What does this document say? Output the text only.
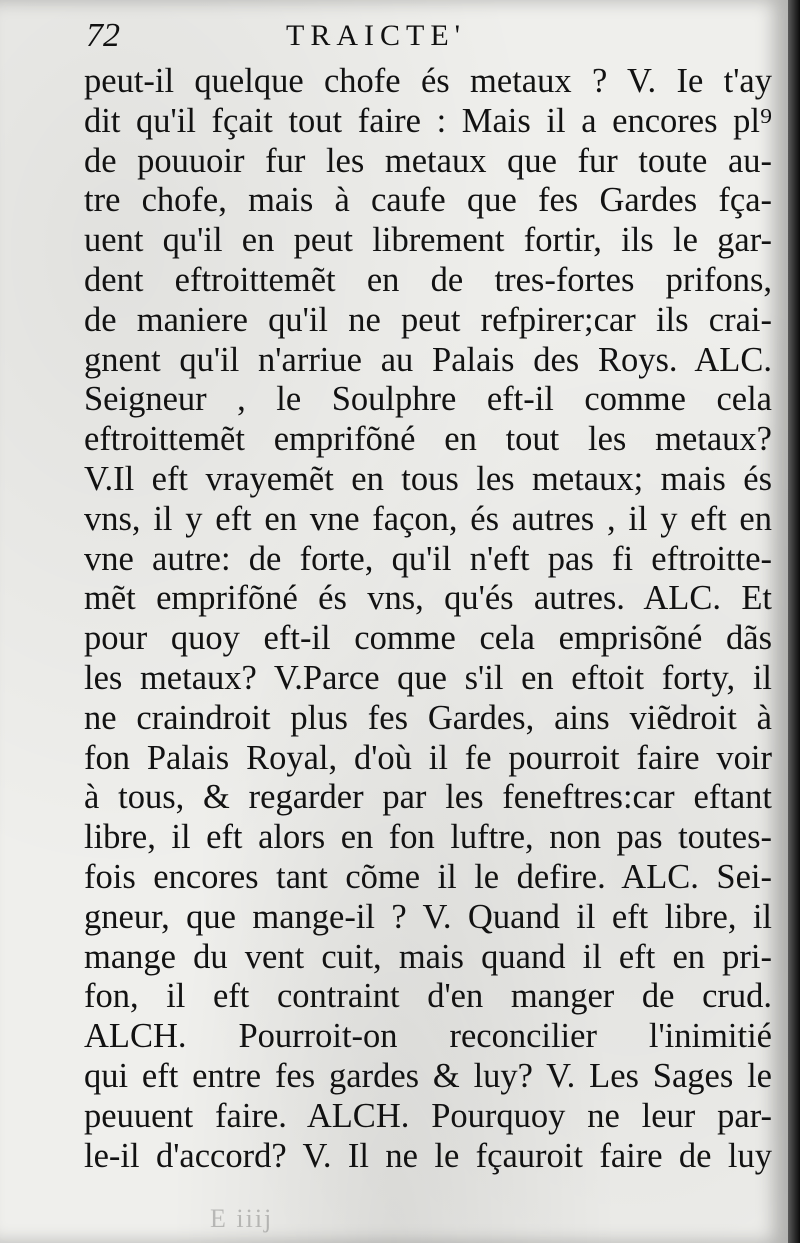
72	TRAICTE'
peut-il quelque chofe és metaux ? V. Ie t'ay
dit qu'il fçait tout faire : Mais il a encores pl⁹
de pouuoir fur les metaux que fur toute au-
tre chofe, mais à caufe que fes Gardes fça-
uent qu'il en peut librement fortir, ils le gar-
dent eftroittemẽt en de tres-fortes prifons,
de maniere qu'il ne peut refpirer;car ils crai-
gnent qu'il n'arriue au Palais des Roys. ALC.
Seigneur , le Soulphre eft-il comme cela
eftroittemẽt emprifõné en tout les metaux?
V.Il eft vrayemẽt en tous les metaux; mais és
vns, il y eft en vne façon, és autres , il y eft en
vne autre: de forte, qu'il n'eft pas fi eftroitte-
mẽt emprifõné és vns, qu'és autres. ALC. Et
pour quoy eft-il comme cela emprisõné dãs
les metaux? V.Parce que s'il en eftoit forty, il
ne craindroit plus fes Gardes, ains viẽdroit à
fon Palais Royal, d'où il fe pourroit faire voir
à tous, & regarder par les feneftres:car eftant
libre, il eft alors en fon luftre, non pas toutes-
fois encores tant cõme il le defire. ALC. Sei-
gneur, que mange-il ? V. Quand il eft libre, il
mange du vent cuit, mais quand il eft en pri-
fon, il eft contraint d'en manger de crud.
ALCH. Pourroit-on reconcilier l'inimitié
qui eft entre fes gardes & luy? V. Les Sages le
peuuent faire. ALCH. Pourquoy ne leur par-
le-il d'accord? V. Il ne le fçauroit faire de luy
E iiij
